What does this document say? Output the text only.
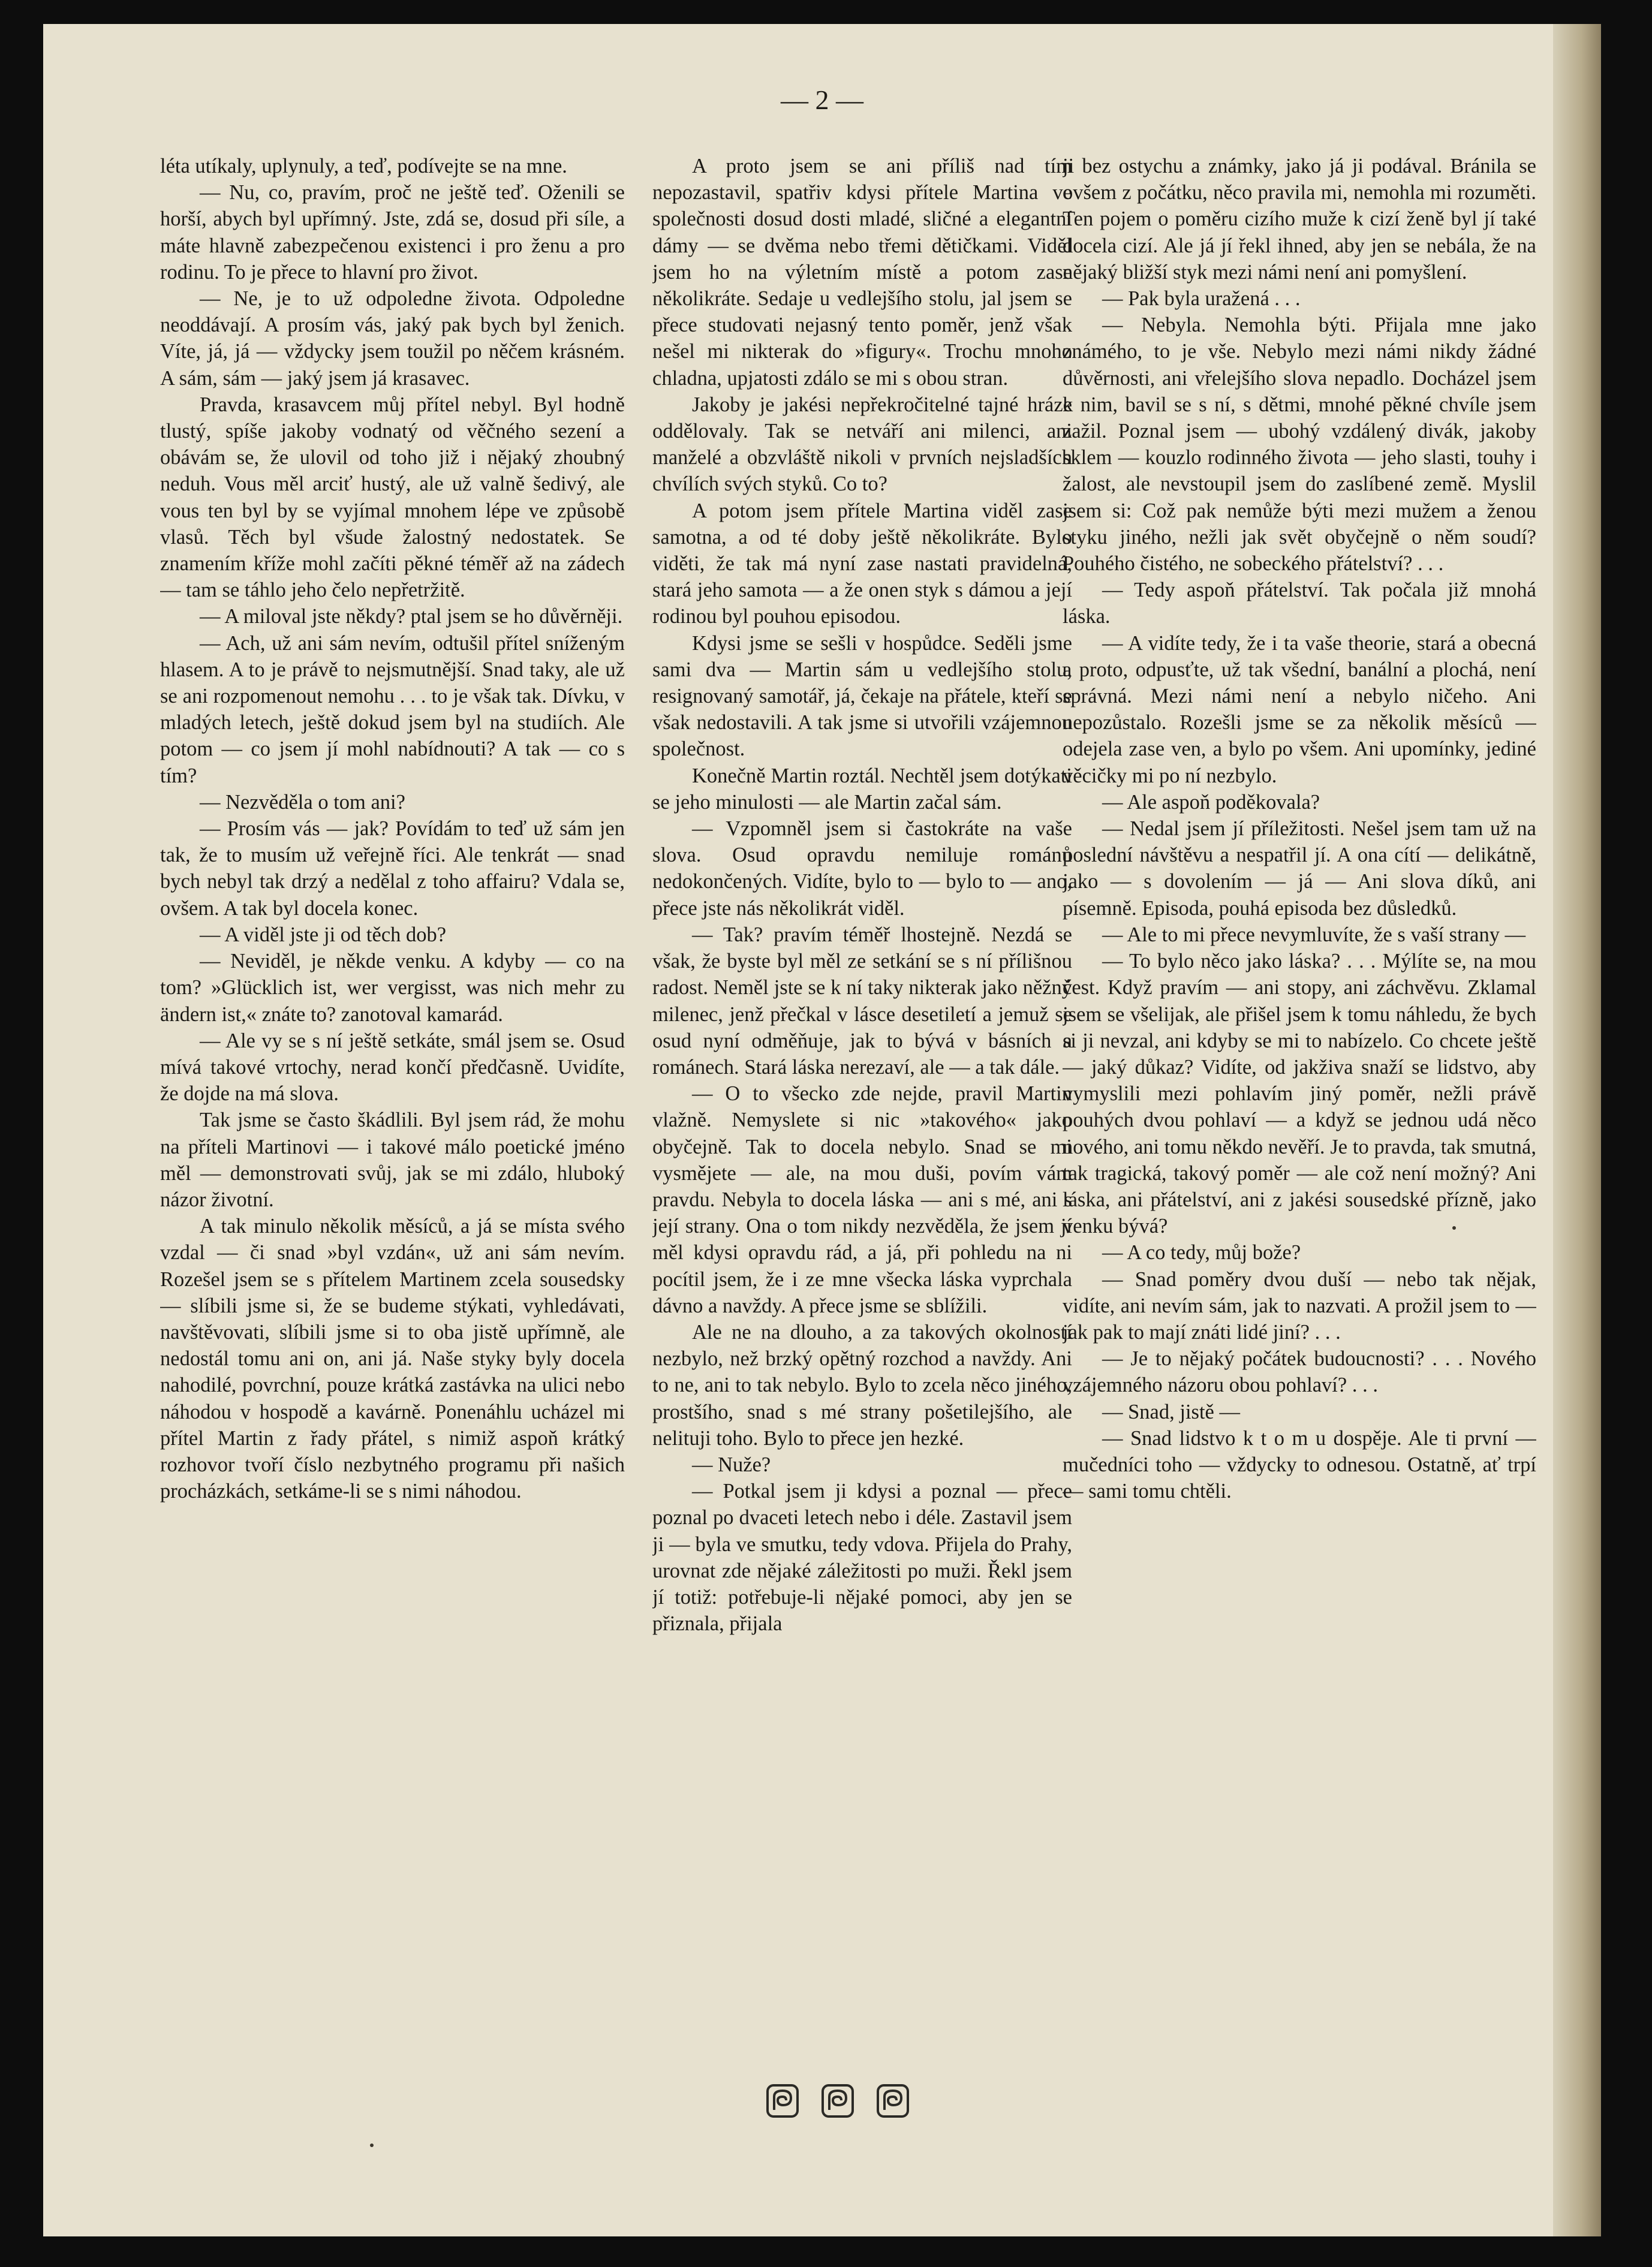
— 2 —

léta utíkaly, uplynuly, a teď, podívejte se na mne.

— Nu, co, pravím, proč ne ještě teď. Oženili se horší, abych byl upřímný. Jste, zdá se, dosud při síle, a máte hlavně zabezpečenou existenci i pro ženu a pro rodinu. To je přece to hlavní pro život.

— Ne, je to už odpoledne života. Odpoledne neoddávají. A prosím vás, jaký pak bych byl ženich. Víte, já, já — vždycky jsem toužil po něčem krásném. A sám, sám — jaký jsem já krasavec.

Pravda, krasavcem můj přítel nebyl. Byl hodně tlustý, spíše jakoby vodnatý od věčného sezení a obávám se, že ulovil od toho již i nějaký zhoubný neduh. Vous měl arciť hustý, ale už valně šedivý, ale vous ten byl by se vyjímal mnohem lépe ve způsobě vlasů. Těch byl všude žalostný nedostatek. Se znamením kříže mohl začíti pěkné téměř až na zádech — tam se táhlo jeho čelo nepřetržitě.

— A miloval jste někdy? ptal jsem se ho důvěrněji.

— Ach, už ani sám nevím, odtušil přítel sníženým hlasem. A to je právě to nejsmutnější. Snad taky, ale už se ani rozpomenout nemohu . . . to je však tak. Dívku, v mladých letech, ještě dokud jsem byl na studiích. Ale potom — co jsem jí mohl nabídnouti? A tak — co s tím?

— Nezvěděla o tom ani?

— Prosím vás — jak? Povídám to teď už sám jen tak, že to musím už veřejně říci. Ale tenkrát — snad bych nebyl tak drzý a nedělal z toho affairu? Vdala se, ovšem. A tak byl docela konec.

— A viděl jste ji od těch dob?

— Neviděl, je někde venku. A kdyby — co na tom? »Glücklich ist, wer vergisst, was nich mehr zu ändern ist,« znáte to? zanotoval kamarád.

— Ale vy se s ní ještě setkáte, smál jsem se. Osud mívá takové vrtochy, nerad končí předčasně. Uvidíte, že dojde na má slova.

Tak jsme se často škádlili. Byl jsem rád, že mohu na příteli Martinovi — i takové málo poetické jméno měl — demonstrovati svůj, jak se mi zdálo, hluboký názor životní.

A tak minulo několik měsíců, a já se místa svého vzdal — či snad »byl vzdán«, už ani sám nevím. Rozešel jsem se s přítelem Martinem zcela sousedsky — slíbili jsme si, že se budeme stýkati, vyhledávati, navštěvovati, slíbili jsme si to oba jistě upřímně, ale nedostál tomu ani on, ani já. Naše styky byly docela nahodilé, povrchní, pouze krátká zastávka na ulici nebo náhodou v hospodě a kavárně. Ponenáhlu ucházel mi přítel Martin z řady přátel, s nimiž aspoň krátký rozhovor tvoří číslo nezbytného programu při našich procházkách, setkáme-li se s nimi náhodou.

A proto jsem se ani příliš nad tím nepozastavil, spatřiv kdysi přítele Martina ve společnosti dosud dosti mladé, sličné a elegantní dámy — se dvěma nebo třemi dětičkami. Viděl jsem ho na výletním místě a potom zase několikráte. Sedaje u vedlejšího stolu, jal jsem se přece studovati nejasný tento poměr, jenž však nešel mi nikterak do »figury«. Trochu mnoho chladna, upjatosti zdálo se mi s obou stran.

Jakoby je jakési nepřekročitelné tajné hráze oddělovaly. Tak se netváří ani milenci, ani manželé a obzvláště nikoli v prvních nejsladších chvílích svých styků. Co to?

A potom jsem přítele Martina viděl zase samotna, a od té doby ještě několikráte. Bylo viděti, že tak má nyní zase nastati pravidelná, stará jeho samota — a že onen styk s dámou a její rodinou byl pouhou episodou.

Kdysi jsme se sešli v hospůdce. Seděli jsme sami dva — Martin sám u vedlejšího stolu, resignovaný samotář, já, čekaje na přátele, kteří se však nedostavili. A tak jsme si utvořili vzájemnou společnost.

Konečně Martin roztál. Nechtěl jsem dotýkati se jeho minulosti — ale Martin začal sám.

— Vzpomněl jsem si častokráte na vaše slova. Osud opravdu nemiluje románů nedokončených. Vidíte, bylo to — bylo to — ano, přece jste nás několikrát viděl.

— Tak? pravím téměř lhostejně. Nezdá se však, že byste byl měl ze setkání se s ní přílišnou radost. Neměl jste se k ní taky nikterak jako něžný milenec, jenž přečkal v lásce desetiletí a jemuž se osud nyní odměňuje, jak to bývá v básních a románech. Stará láska nerezaví, ale — a tak dále.

— O to všecko zde nejde, pravil Martin vlažně. Nemyslete si nic »takového« jako obyčejně. Tak to docela nebylo. Snad se mi vysmějete — ale, na mou duši, povím vám pravdu. Nebyla to docela láska — ani s mé, ani s její strany. Ona o tom nikdy nezvěděla, že jsem jí měl kdysi opravdu rád, a já, při pohledu na ni pocítil jsem, že i ze mne všecka láska vyprchala dávno a navždy. A přece jsme se sblížili.

Ale ne na dlouho, a za takových okolností nezbylo, než brzký opětný rozchod a navždy. Ani to ne, ani to tak nebylo. Bylo to zcela něco jiného, prostšího, snad s mé strany pošetilejšího, ale nelituji toho. Bylo to přece jen hezké.

— Nuže?

— Potkal jsem ji kdysi a poznal — přece poznal po dvaceti letech nebo i déle. Zastavil jsem ji — byla ve smutku, tedy vdova. Přijela do Prahy, urovnat zde nějaké záležitosti po muži. Řekl jsem jí totiž: potřebuje-li nějaké pomoci, aby jen se přiznala, přijala

ji bez ostychu a známky, jako já ji podával. Bránila se ovšem z počátku, něco pravila mi, nemohla mi rozuměti. Ten pojem o poměru cizího muže k cizí ženě byl jí také docela cizí. Ale já jí řekl ihned, aby jen se nebála, že na nějaký bližší styk mezi námi není ani pomyšlení.

— Pak byla uražená . . .

— Nebyla. Nemohla býti. Přijala mne jako známého, to je vše. Nebylo mezi námi nikdy žádné důvěrnosti, ani vřelejšího slova nepadlo. Docházel jsem k nim, bavil se s ní, s dětmi, mnohé pěkné chvíle jsem zažil. Poznal jsem — ubohý vzdálený divák, jakoby sklem — kouzlo rodinného života — jeho slasti, touhy i žalost, ale nevstoupil jsem do zaslíbené země. Myslil jsem si: Což pak nemůže býti mezi mužem a ženou styku jiného, nežli jak svět obyčejně o něm soudí? Pouhého čistého, ne sobeckého přátelství? . . .

— Tedy aspoň přátelství. Tak počala již mnohá láska.

— A vidíte tedy, že i ta vaše theorie, stará a obecná a proto, odpusťte, už tak všední, banální a plochá, není správná. Mezi námi není a nebylo ničeho. Ani nepozůstalo. Rozešli jsme se za několik měsíců — odejela zase ven, a bylo po všem. Ani upomínky, jediné věcičky mi po ní nezbylo.

— Ale aspoň poděkovala?

— Nedal jsem jí příležitosti. Nešel jsem tam už na poslední návštěvu a nespatřil jí. A ona cítí — delikátně, jako — s dovolením — já — Ani slova díků, ani písemně. Episoda, pouhá episoda bez důsledků.

— Ale to mi přece nevymluvíte, že s vaší strany —

— To bylo něco jako láska? . . . Mýlíte se, na mou čest. Když pravím — ani stopy, ani záchvěvu. Zklamal jsem se všelijak, ale přišel jsem k tomu náhledu, že bych si ji nevzal, ani kdyby se mi to nabízelo. Co chcete ještě — jaký důkaz? Vidíte, od jakživa snaží se lidstvo, aby vymyslili mezi pohlavím jiný poměr, nežli právě pouhých dvou pohlaví — a když se jednou udá něco nového, ani tomu někdo nevěří. Je to pravda, tak smutná, tak tragická, takový poměr — ale což není možný? Ani láska, ani přátelství, ani z jakési sousedské přízně, jako venku bývá?

— A co tedy, můj bože?

— Snad poměry dvou duší — nebo tak nějak, vidíte, ani nevím sám, jak to nazvati. A prožil jsem to — jak pak to mají znáti lidé jiní? . . .

— Je to nějaký počátek budoucnosti? . . . Nového vzájemného názoru obou pohlaví? . . .

— Snad, jistě —

— Snad lidstvo k t o m u dospěje. Ale ti první — mučedníci toho — vždycky to odnesou. Ostatně, ať trpí — sami tomu chtěli.
